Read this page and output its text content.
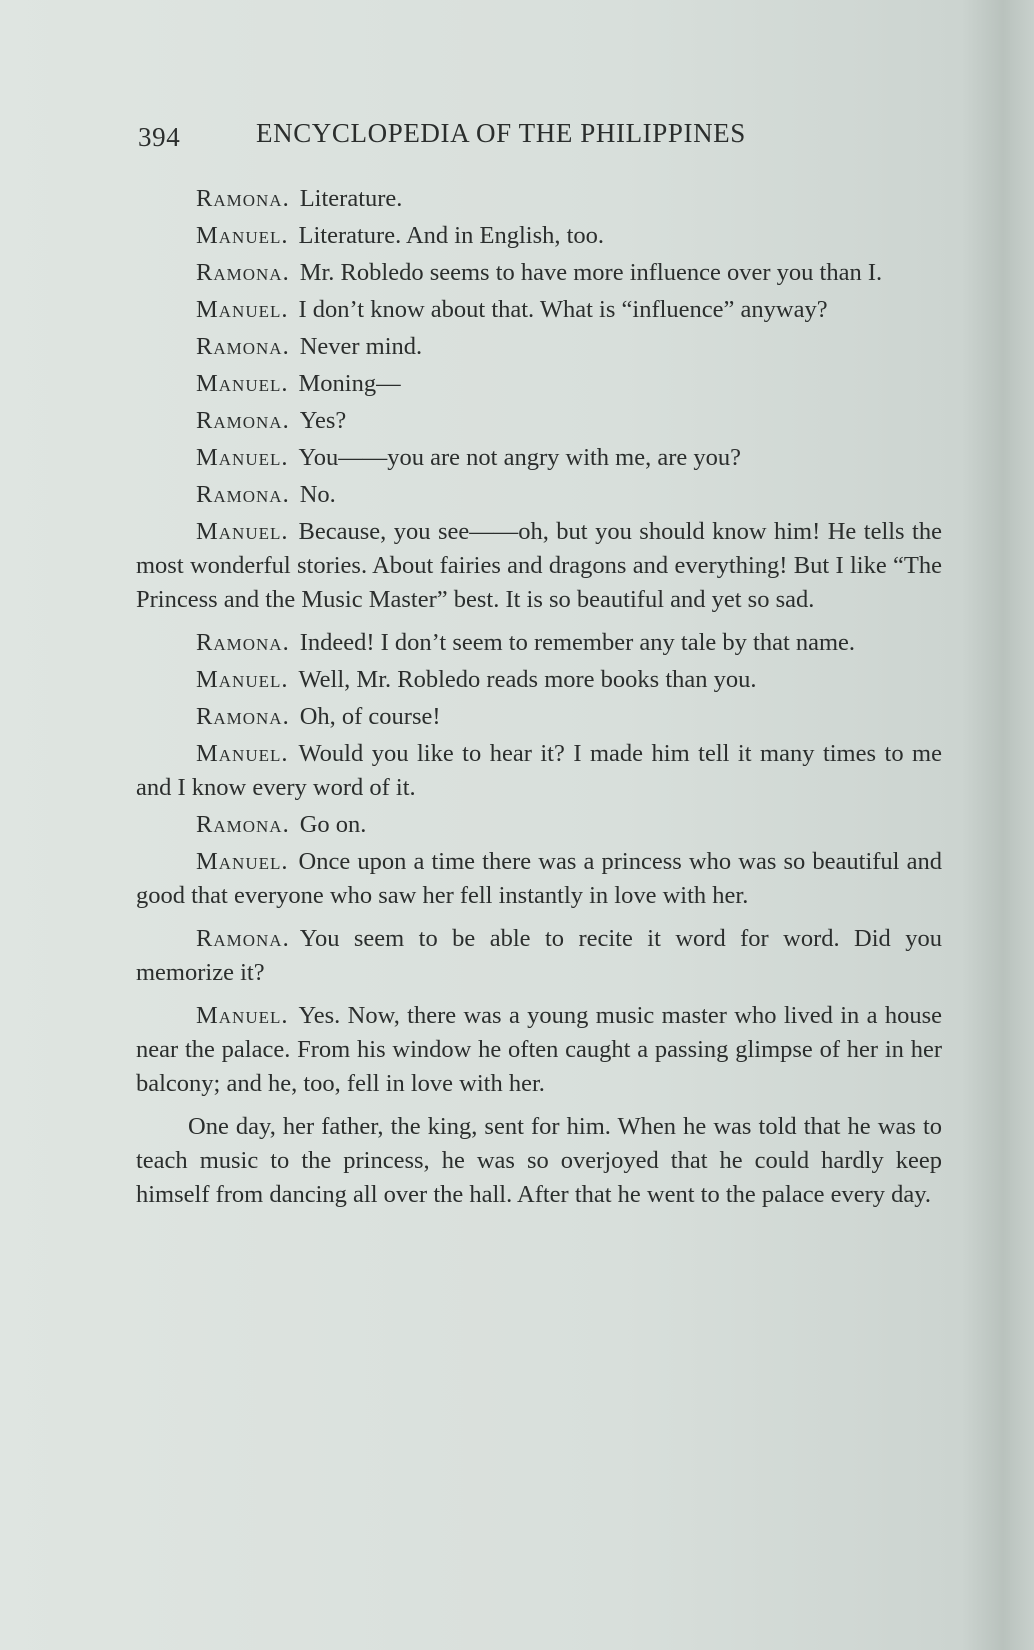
394	ENCYCLOPEDIA OF THE PHILIPPINES

Ramona. Literature.

Manuel. Literature. And in English, too.

Ramona. Mr. Robledo seems to have more influence over you than I.

Manuel. I don’t know about that. What is “influence” anyway?

Ramona. Never mind.

Manuel. Moning—

Ramona. Yes?

Manuel. You——you are not angry with me, are you?

Ramona. No.

Manuel. Because, you see——oh, but you should know him! He tells the most wonderful stories. About fairies and dragons and everything! But I like “The Princess and the Music Master” best. It is so beautiful and yet so sad.

Ramona. Indeed! I don’t seem to remember any tale by that name.

Manuel. Well, Mr. Robledo reads more books than you.

Ramona. Oh, of course!

Manuel. Would you like to hear it? I made him tell it many times to me and I know every word of it.

Ramona. Go on.

Manuel. Once upon a time there was a princess who was so beautiful and good that everyone who saw her fell instantly in love with her.

Ramona. You seem to be able to recite it word for word. Did you memorize it?

Manuel. Yes. Now, there was a young music master who lived in a house near the palace. From his window he often caught a passing glimpse of her in her balcony; and he, too, fell in love with her.

One day, her father, the king, sent for him. When he was told that he was to teach music to the princess, he was so overjoyed that he could hardly keep himself from dancing all over the hall. After that he went to the palace every day.
